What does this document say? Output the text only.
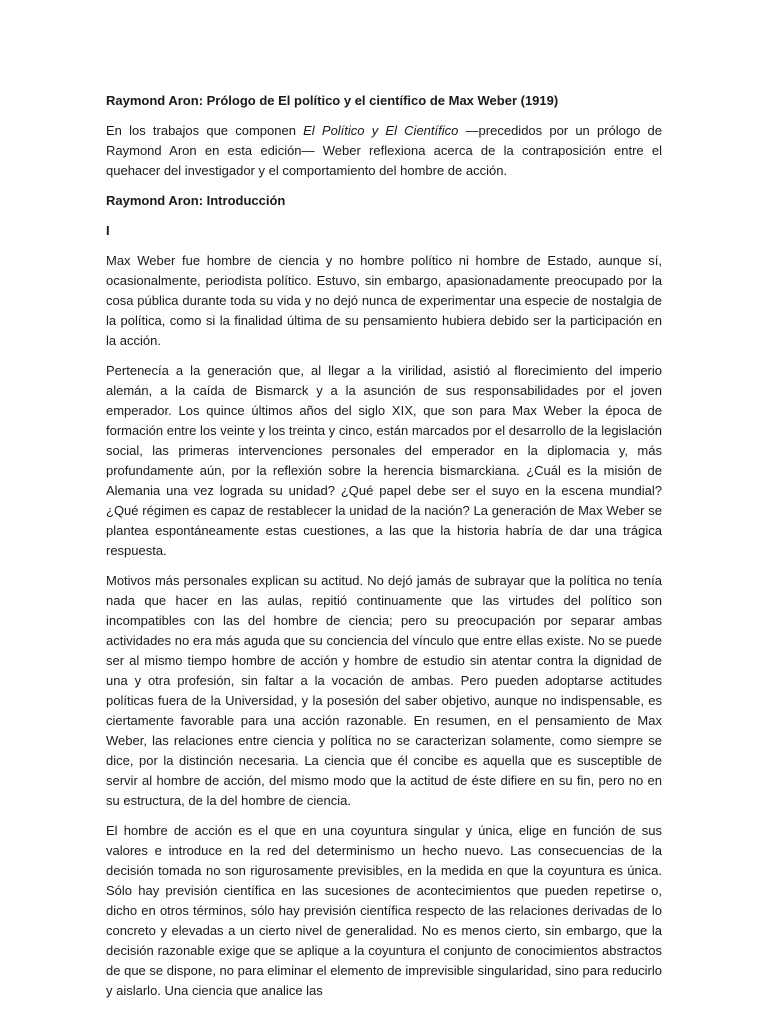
Raymond Aron: Prólogo de El político y el científico de Max Weber (1919)

En los trabajos que componen El Político y El Científico —precedidos por un prólogo de Raymond Aron en esta edición— Weber reflexiona acerca de la contraposición entre el quehacer del investigador y el comportamiento del hombre de acción.

Raymond Aron: Introducción

I

Max Weber fue hombre de ciencia y no hombre político ni hombre de Estado, aunque sí, ocasionalmente, periodista político. Estuvo, sin embargo, apasionadamente preocupado por la cosa pública durante toda su vida y no dejó nunca de experimentar una especie de nostalgia de la política, como si la finalidad última de su pensamiento hubiera debido ser la participación en la acción.

Pertenecía a la generación que, al llegar a la virilidad, asistió al florecimiento del imperio alemán, a la caída de Bismarck y a la asunción de sus responsabilidades por el joven emperador. Los quince últimos años del siglo XIX, que son para Max Weber la época de formación entre los veinte y los treinta y cinco, están marcados por el desarrollo de la legislación social, las primeras intervenciones personales del emperador en la diplomacia y, más profundamente aún, por la reflexión sobre la herencia bismarckiana. ¿Cuál es la misión de Alemania una vez lograda su unidad? ¿Qué papel debe ser el suyo en la escena mundial? ¿Qué régimen es capaz de restablecer la unidad de la nación? La generación de Max Weber se plantea espontáneamente estas cuestiones, a las que la historia habría de dar una trágica respuesta.

Motivos más personales explican su actitud. No dejó jamás de subrayar que la política no tenía nada que hacer en las aulas, repitió continuamente que las virtudes del político son incompatibles con las del hombre de ciencia; pero su preocupación por separar ambas actividades no era más aguda que su conciencia del vínculo que entre ellas existe. No se puede ser al mismo tiempo hombre de acción y hombre de estudio sin atentar contra la dignidad de una y otra profesión, sin faltar a la vocación de ambas. Pero pueden adoptarse actitudes políticas fuera de la Universidad, y la posesión del saber objetivo, aunque no indispensable, es ciertamente favorable para una acción razonable. En resumen, en el pensamiento de Max Weber, las relaciones entre ciencia y política no se caracterizan solamente, como siempre se dice, por la distinción necesaria. La ciencia que él concibe es aquella que es susceptible de servir al hombre de acción, del mismo modo que la actitud de éste difiere en su fin, pero no en su estructura, de la del hombre de ciencia.

El hombre de acción es el que en una coyuntura singular y única, elige en función de sus valores e introduce en la red del determinismo un hecho nuevo. Las consecuencias de la decisión tomada no son rigurosamente previsibles, en la medida en que la coyuntura es única. Sólo hay previsión científica en las sucesiones de acontecimientos que pueden repetirse o, dicho en otros términos, sólo hay previsión científica respecto de las relaciones derivadas de lo concreto y elevadas a un cierto nivel de generalidad. No es menos cierto, sin embargo, que la decisión razonable exige que se aplique a la coyuntura el conjunto de conocimientos abstractos de que se dispone, no para eliminar el elemento de imprevisible singularidad, sino para reducirlo y aislarlo. Una ciencia que analice las
